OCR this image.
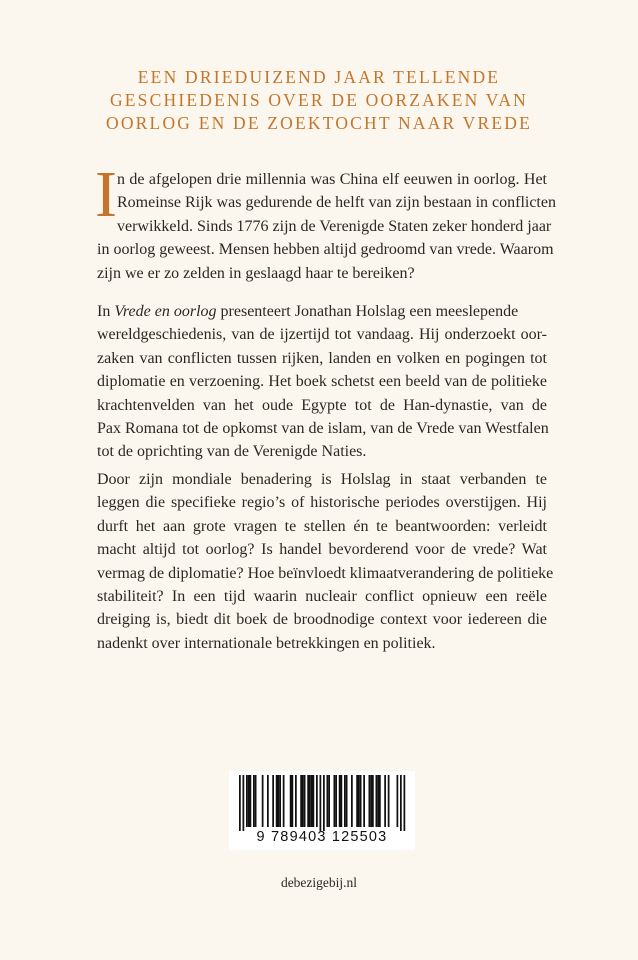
EEN DRIEDUIZEND JAAR TELLENDE
GESCHIEDENIS OVER DE OORZAKEN VAN
OORLOG EN DE ZOEKTOCHT NAAR VREDE
I n de afgelopen drie millennia was China elf eeuwen in oorlog. Het
Romeinse Rijk was gedurende de helft van zijn bestaan in conflicten
verwikkeld. Sinds 1776 zijn de Verenigde Staten zeker honderd jaar
in oorlog geweest. Mensen hebben altijd gedroomd van vrede. Waarom
zijn we er zo zelden in geslaagd haar te bereiken?
In Vrede en oorlog presenteert Jonathan Holslag een meeslepende
wereldgeschiedenis, van de ijzertijd tot vandaag. Hij onderzoekt oor-
zaken van conflicten tussen rijken, landen en volken en pogingen tot
diplomatie en verzoening. Het boek schetst een beeld van de politieke
krachtenvelden van het oude Egypte tot de Han-dynastie, van de
Pax Romana tot de opkomst van de islam, van de Vrede van Westfalen
tot de oprichting van de Verenigde Naties.
Door zijn mondiale benadering is Holslag in staat verbanden te
leggen die specifieke regio’s of historische periodes overstijgen. Hij
durft het aan grote vragen te stellen én te beantwoorden: verleidt
macht altijd tot oorlog? Is handel bevorderend voor de vrede? Wat
vermag de diplomatie? Hoe beïnvloedt klimaatverandering de politieke
stabiliteit? In een tijd waarin nucleair conflict opnieuw een reële
dreiging is, biedt dit boek de broodnodige context voor iedereen die
nadenkt over internationale betrekkingen en politiek.
9 789403 125503
debezigebij.nl
